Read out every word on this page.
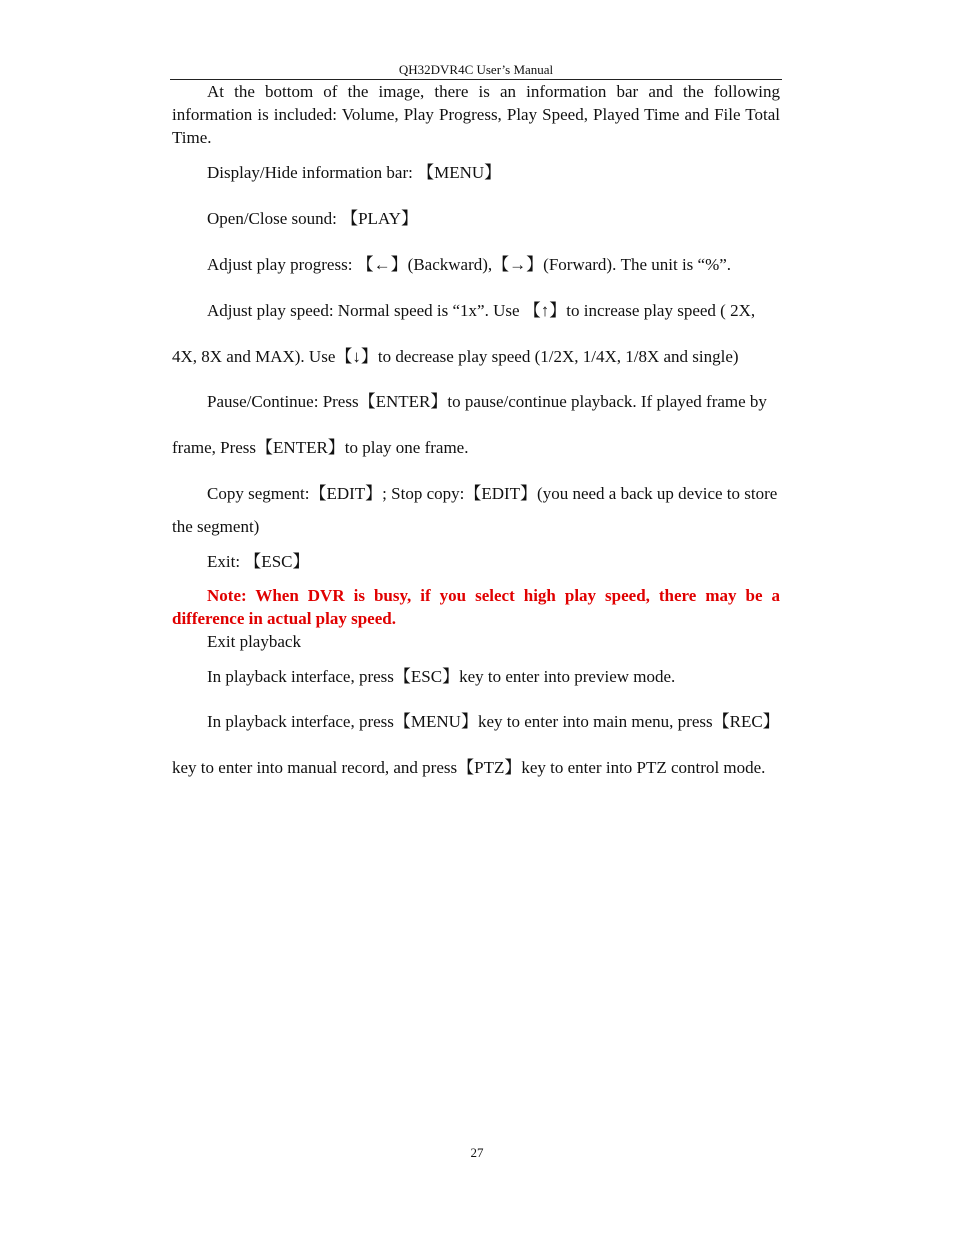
QH32DVR4C User’s Manual

At the bottom of the image, there is an information bar and the following information is included: Volume, Play Progress, Play Speed, Played Time and File Total Time.

Display/Hide information bar: 【MENU】

Open/Close sound: 【PLAY】

Adjust play progress: 【←】(Backward),【→】(Forward). The unit is “%”.

Adjust play speed: Normal speed is “1x”. Use 【↑】to increase play speed ( 2X,

4X, 8X and MAX). Use【↓】to decrease play speed (1/2X, 1/4X, 1/8X and single)

Pause/Continue: Press【ENTER】to pause/continue playback. If played frame by

frame, Press【ENTER】to play one frame.

Copy segment:【EDIT】; Stop copy:【EDIT】(you need a back up device to store

the segment)

Exit: 【ESC】

Note: When DVR is busy, if you select high play speed, there may be a difference in actual play speed.

Exit playback

In playback interface, press【ESC】key to enter into preview mode.

In playback interface, press【MENU】key to enter into main menu, press【REC】

key to enter into manual record, and press【PTZ】key to enter into PTZ control mode.

27
